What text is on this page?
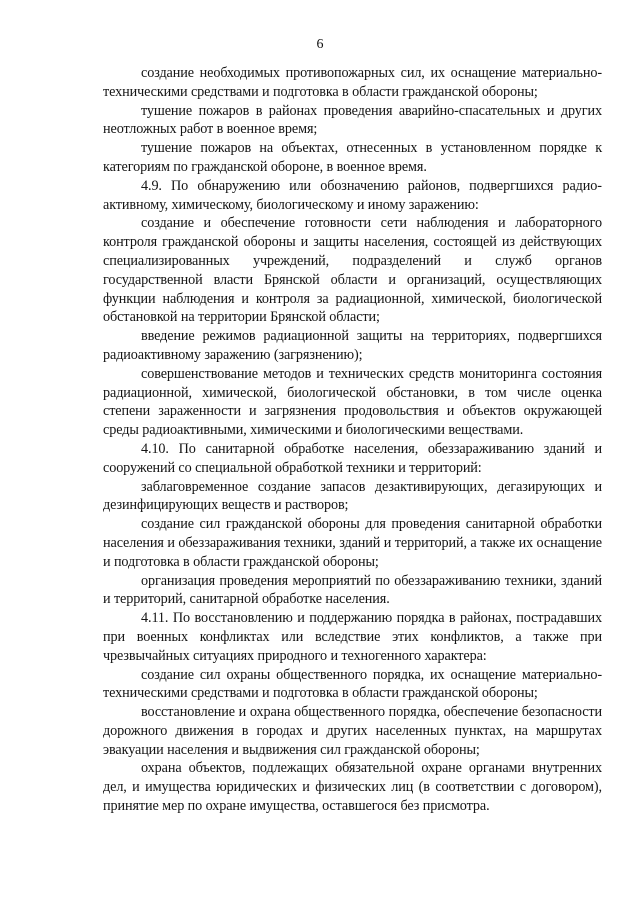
6

создание необходимых противопожарных сил, их оснащение материально-техническими средствами и подготовка в области гражданской обороны;

тушение пожаров в районах проведения аварийно-спасательных и других неотложных работ в военное время;

тушение пожаров на объектах, отнесенных в установленном порядке к категориям по гражданской обороне, в военное время.

4.9. По обнаружению или обозначению районов, подвергшихся радиоактивному, химическому, биологическому и иному заражению:

создание и обеспечение готовности сети наблюдения и лабораторного контроля гражданской обороны и защиты населения, состоящей из действующих специализированных учреждений, подразделений и служб органов государственной власти Брянской области и организаций, осуществляющих функции наблюдения и контроля за радиационной, химической, биологической обстановкой на территории Брянской области;

введение режимов радиационной защиты на территориях, подвергшихся радиоактивному заражению (загрязнению);

совершенствование методов и технических средств мониторинга состояния радиационной, химической, биологической обстановки, в том числе оценка степени зараженности и загрязнения продовольствия и объектов окружающей среды радиоактивными, химическими и биологическими веществами.

4.10. По санитарной обработке населения, обеззараживанию зданий и сооружений со специальной обработкой техники и территорий:

заблаговременное создание запасов дезактивирующих, дегазирующих и дезинфицирующих веществ и растворов;

создание сил гражданской обороны для проведения санитарной обработки населения и обеззараживания техники, зданий и территорий, а также их оснащение и подготовка в области гражданской обороны;

организация проведения мероприятий по обеззараживанию техники, зданий и территорий, санитарной обработке населения.

4.11. По восстановлению и поддержанию порядка в районах, пострадавших при военных конфликтах или вследствие этих конфликтов, а также при чрезвычайных ситуациях природного и техногенного характера:

создание сил охраны общественного порядка, их оснащение материально-техническими средствами и подготовка в области гражданской обороны;

восстановление и охрана общественного порядка, обеспечение безопасности дорожного движения в городах и других населенных пунктах, на маршрутах эвакуации населения и выдвижения сил гражданской обороны;

охрана объектов, подлежащих обязательной охране органами внутренних дел, и имущества юридических и физических лиц (в соответствии с договором), принятие мер по охране имущества, оставшегося без присмотра.
